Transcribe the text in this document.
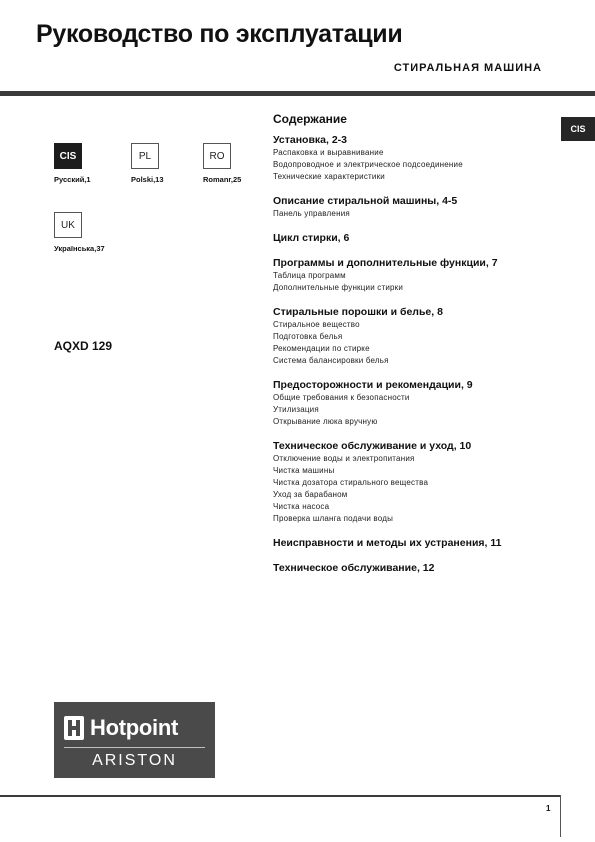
Руководство по эксплуатации
СТИРАЛЬНАЯ МАШИНА
CIS
CIS
Русский,1
PL
Polski,13
RO
Romanr,25
UK
Українська,37
AQXD 129
Содержание
Установка, 2-3
Распаковка и выравнивание
Водопроводное и электрическое подсоединение
Технические характеристики
Описание стиральной машины, 4-5
Панель управления
Цикл стирки, 6
Программы и дополнительные функции, 7
Таблица программ
Дополнительные функции стирки
Стиральные порошки и белье, 8
Стиральное вещество
Подготовка белья
Рекомендации по стирке
Система балансировки белья
Предосторожности и рекомендации, 9
Общие требования к безопасности
Утилизация
Открывание люка вручную
Техническое обслуживание и уход, 10
Отключение воды и электропитания
Чистка машины
Чистка дозатора стирального вещества
Уход за барабаном
Чистка насоса
Проверка шланга подачи воды
Неисправности и методы их устранения, 11
Техническое обслуживание, 12
Hotpoint
ARISTON
1
